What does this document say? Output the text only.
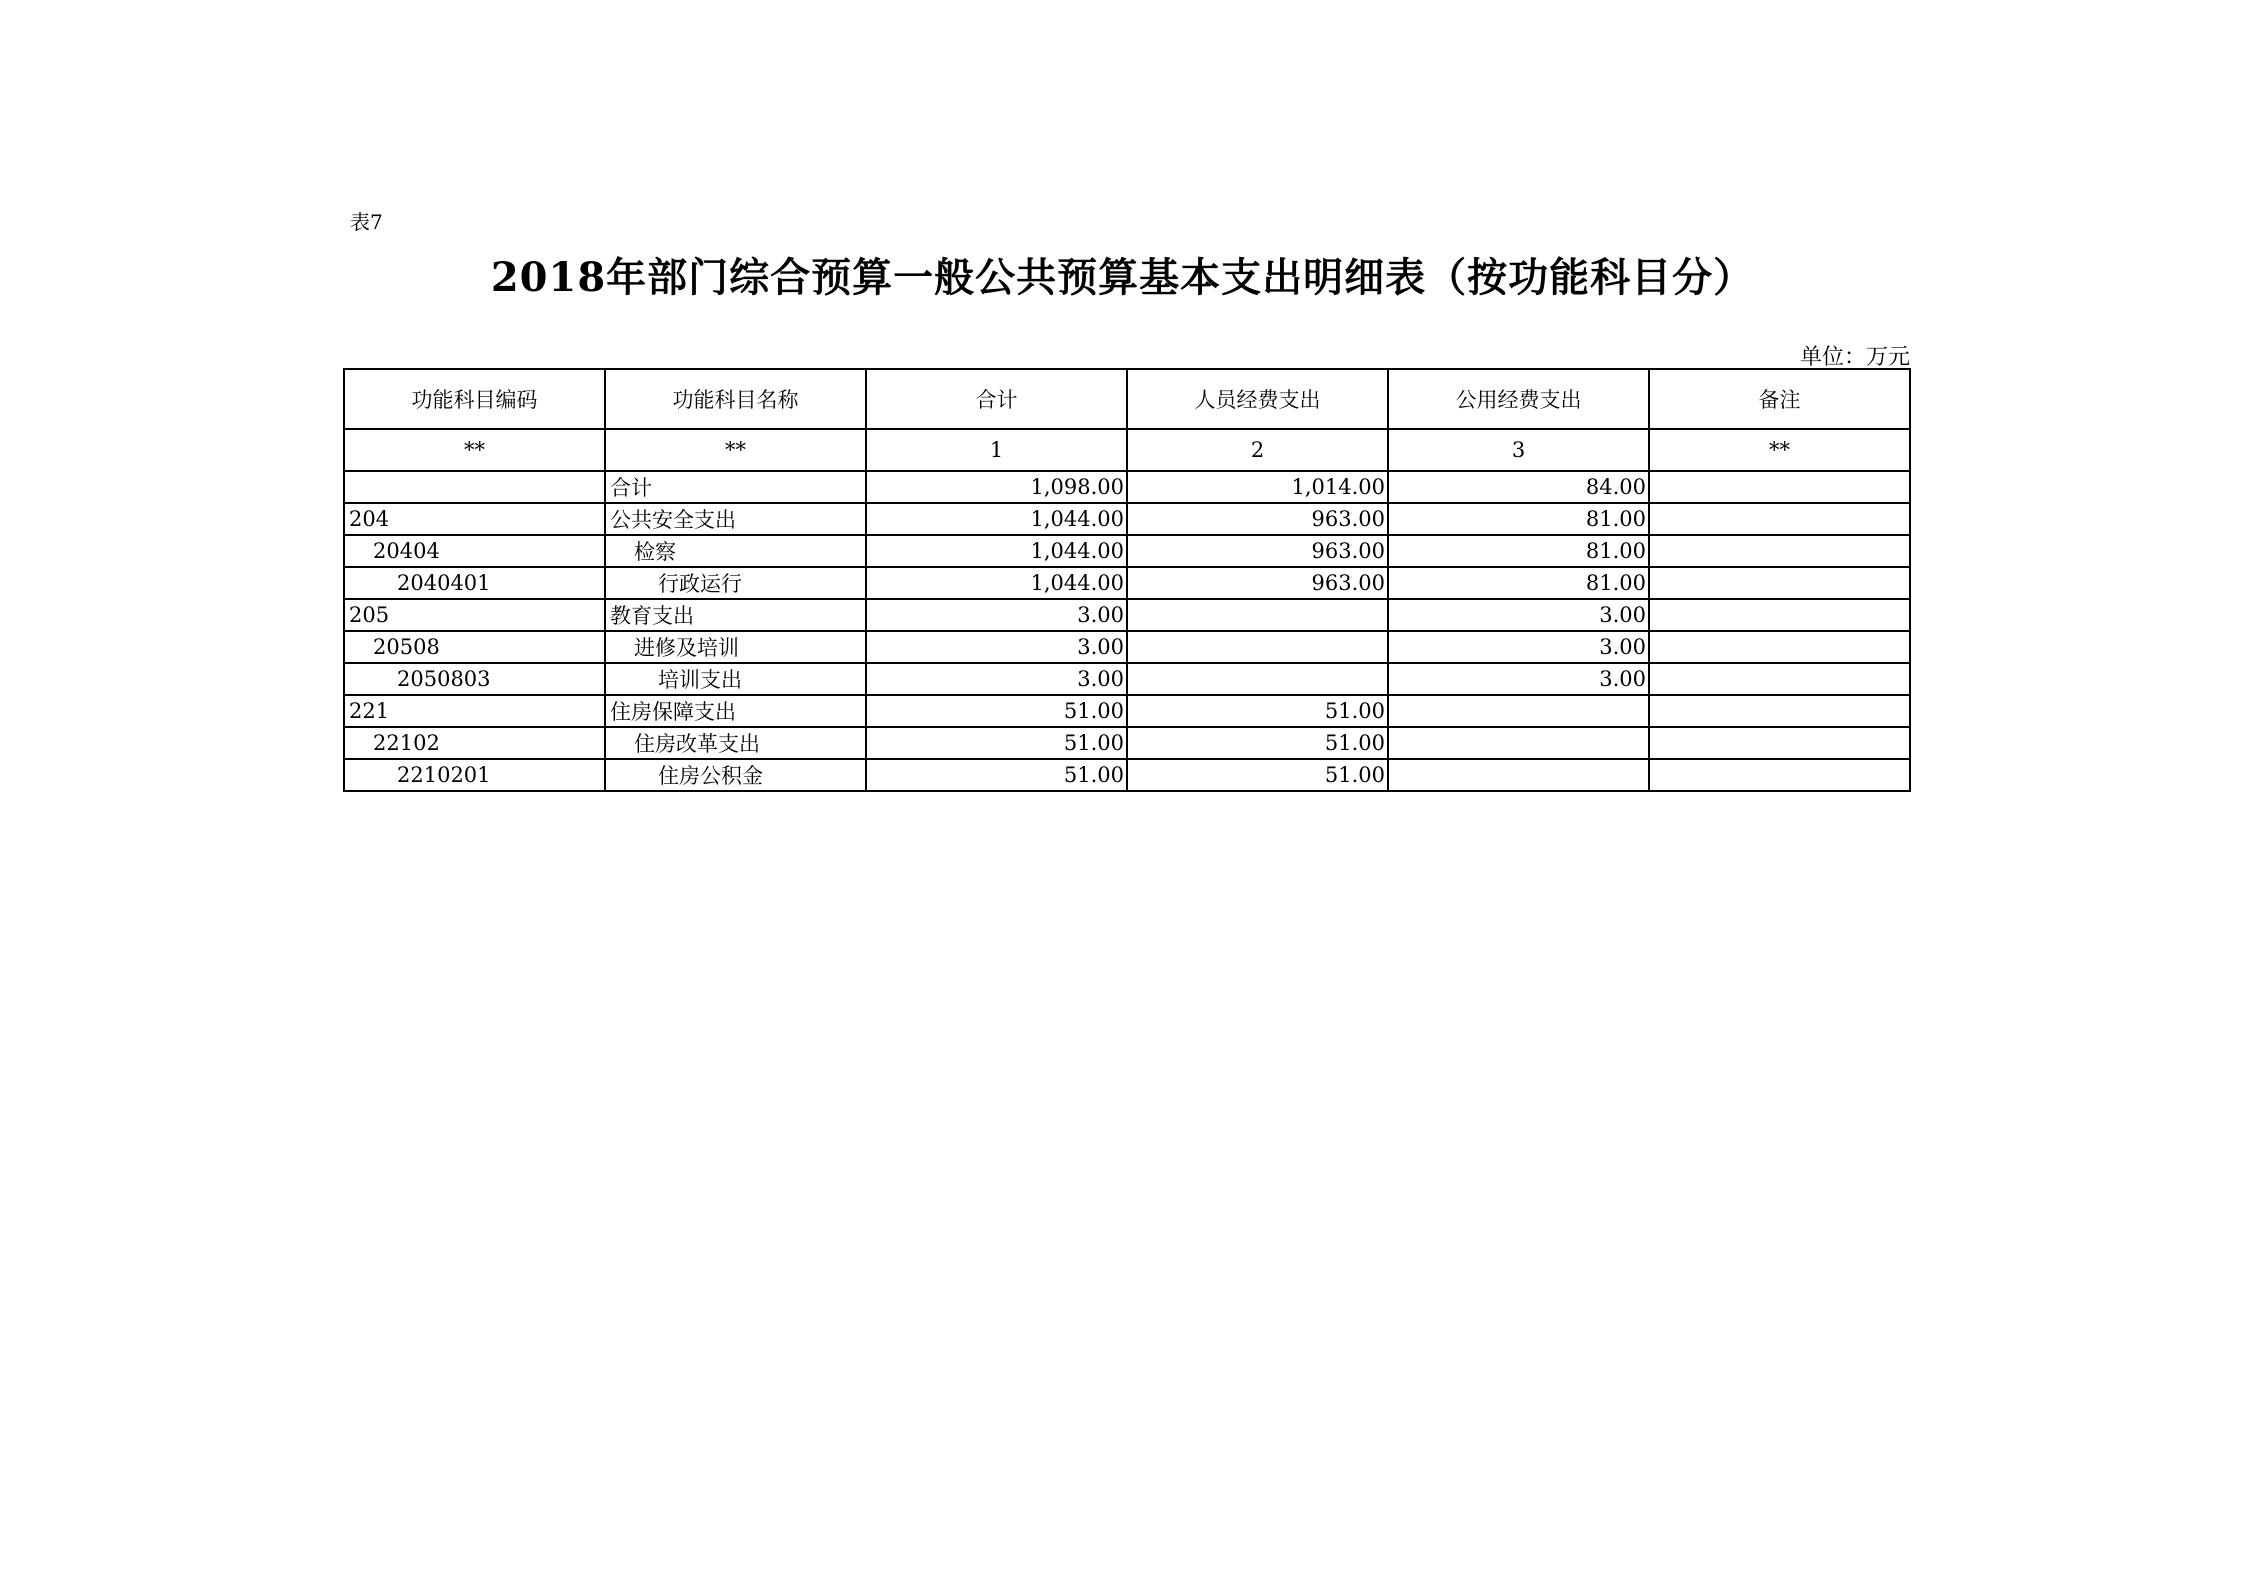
表7
2018年部门综合预算一般公共预算基本支出明细表（按功能科目分）
单位：万元
功能科目编码	功能科目名称	合计	人员经费支出	公用经费支出	备注
**	**	1	2	3	**
	合计	1,098.00	1,014.00	84.00	
204	公共安全支出	1,044.00	963.00	81.00	
20404	检察	1,044.00	963.00	81.00	
2040401	行政运行	1,044.00	963.00	81.00	
205	教育支出	3.00		3.00	
20508	进修及培训	3.00		3.00	
2050803	培训支出	3.00		3.00	
221	住房保障支出	51.00	51.00		
22102	住房改革支出	51.00	51.00		
2210201	住房公积金	51.00	51.00		
